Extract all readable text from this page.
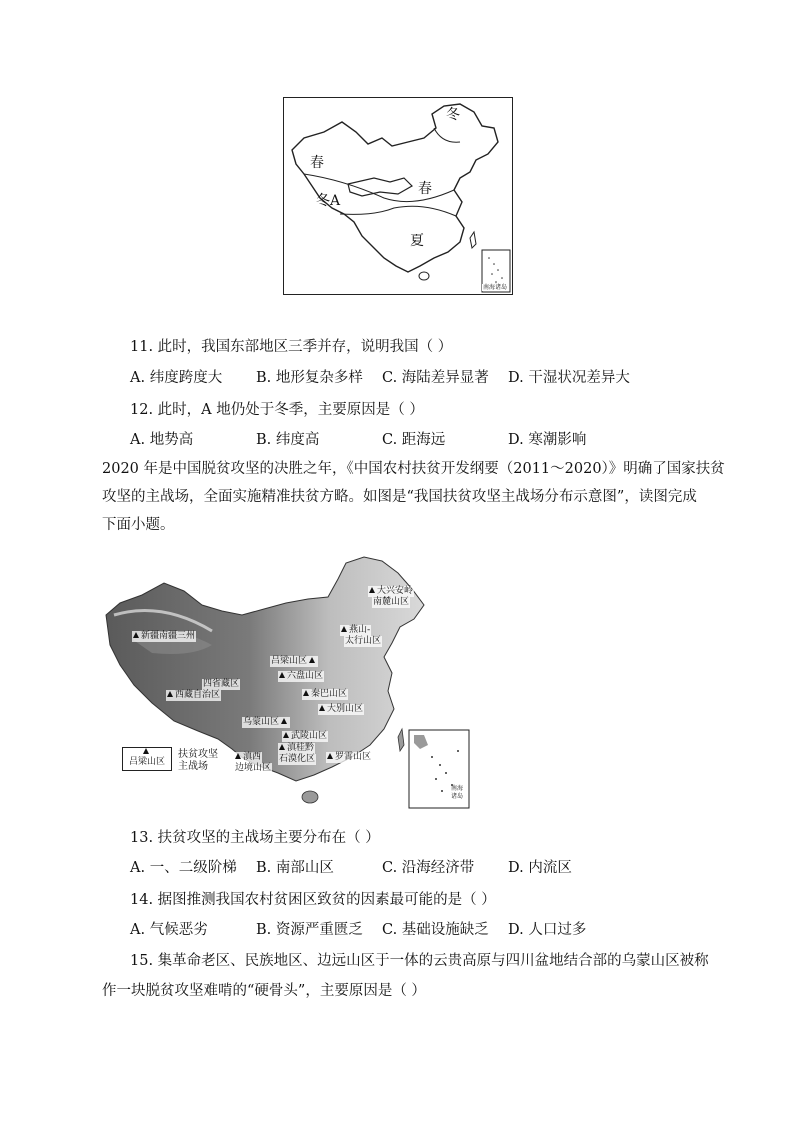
春
冬A
春
夏
冬
南海诸岛
11. 此时，我国东部地区三季并存，说明我国（ ）
A. 纬度跨度大 B. 地形复杂多样 C. 海陆差异显著 D. 干湿状况差异大
12. 此时，A 地仍处于冬季，主要原因是（ ）
A. 地势高	B. 纬度高	C. 距海远	D. 寒潮影响
2020 年是中国脱贫攻坚的决胜之年，《中国农村扶贫开发纲要（2011～2020）》明确了国家扶贫
攻坚的主战场，全面实施精准扶贫方略。如图是“我国扶贫攻坚主战场分布示意图”，读图完成
下面小题。
大兴安岭
南麓山区
新疆南疆三州
燕山-
太行山区
吕梁山区
六盘山区
四省藏区
西藏自治区	秦巴山区
大别山区
乌蒙山区
武陵山区
滇桂黔
石漠化区	罗霄山区
滇西
边境山区
吕梁山区
扶贫攻坚
主战场
南海
诸岛
13. 扶贫攻坚的主战场主要分布在（ ）
A. 一、二级阶梯 B. 南部山区	C. 沿海经济带 D. 内流区
14. 据图推测我国农村贫困区致贫的因素最可能的是（ ）
A. 气候恶劣	B. 资源严重匮乏 C. 基础设施缺乏 D. 人口过多
15. 集革命老区、民族地区、边远山区于一体的云贵高原与四川盆地结合部的乌蒙山区被称
作一块脱贫攻坚难啃的“硬骨头”，主要原因是（ ）
